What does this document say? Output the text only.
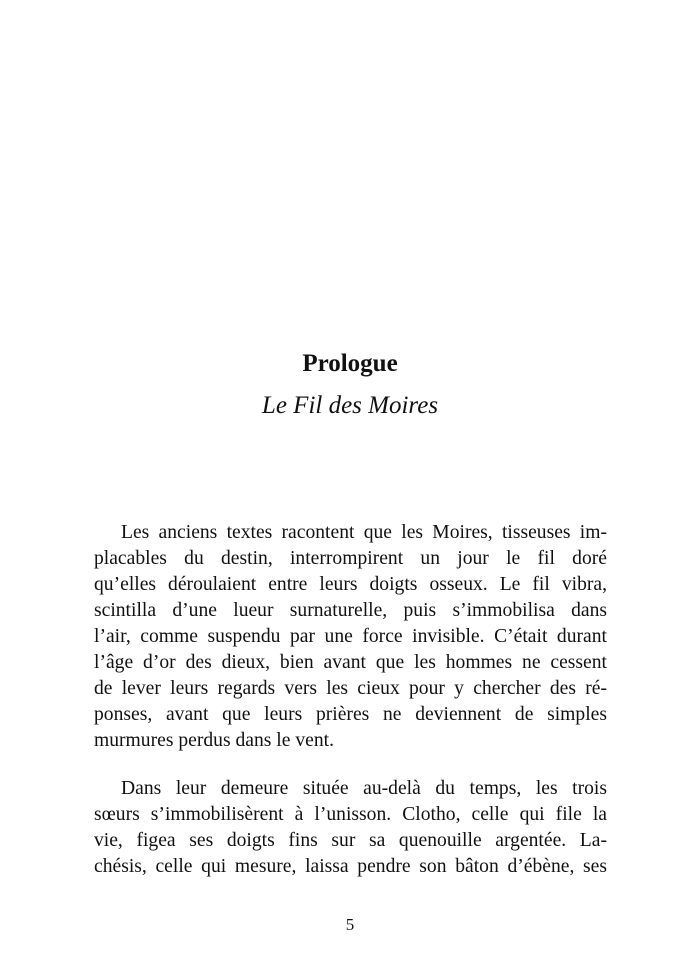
Prologue
Le Fil des Moires
Les anciens textes racontent que les Moires, tisseuses im-
placables du destin, interrompirent un jour le fil doré
qu’elles déroulaient entre leurs doigts osseux. Le fil vibra,
scintilla d’une lueur surnaturelle, puis s’immobilisa dans
l’air, comme suspendu par une force invisible. C’était durant
l’âge d’or des dieux, bien avant que les hommes ne cessent
de lever leurs regards vers les cieux pour y chercher des ré-
ponses, avant que leurs prières ne deviennent de simples
murmures perdus dans le vent.
Dans leur demeure située au-delà du temps, les trois
sœurs s’immobilisèrent à l’unisson. Clotho, celle qui file la
vie, figea ses doigts fins sur sa quenouille argentée. La-
chésis, celle qui mesure, laissa pendre son bâton d’ébène, ses
5
